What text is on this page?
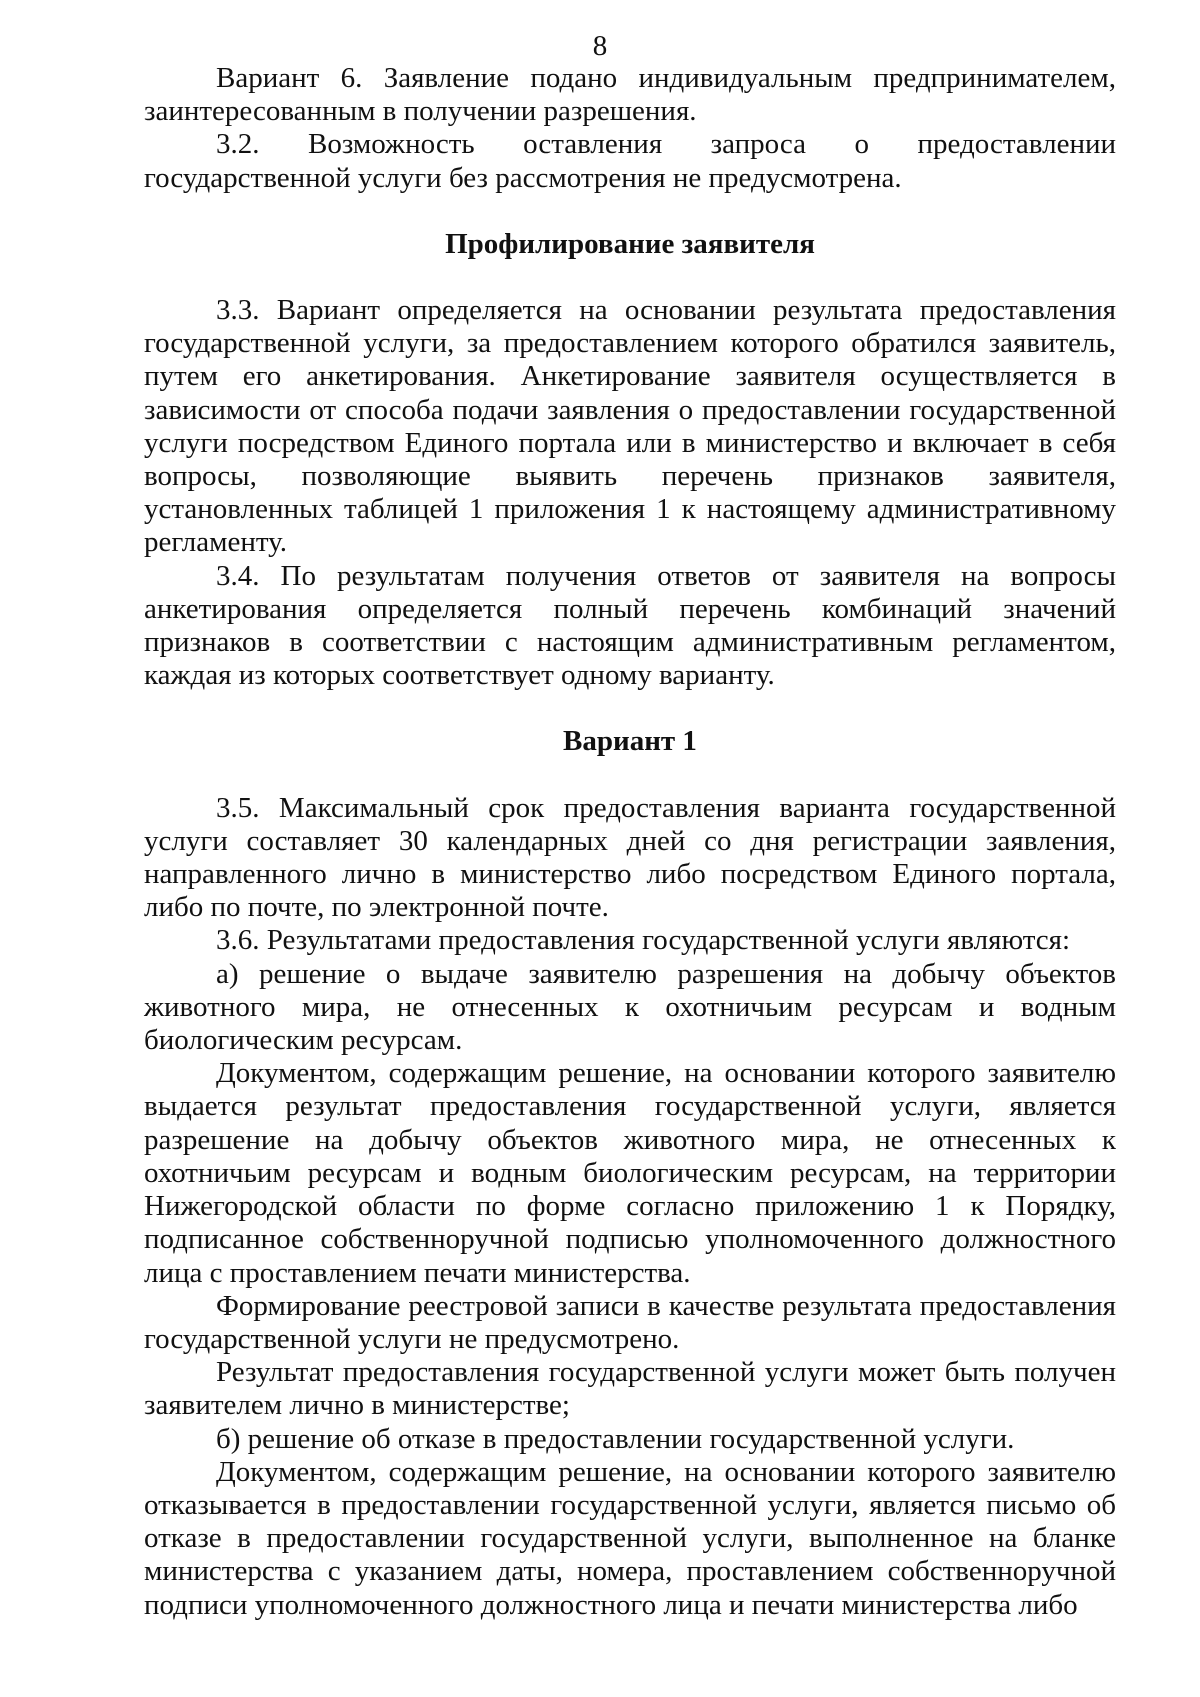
8

Вариант 6. Заявление подано индивидуальным предпринимателем, заинтересованным в получении разрешения.

3.2. Возможность оставления запроса о предоставлении государственной услуги без рассмотрения не предусмотрена.

Профилирование заявителя

3.3. Вариант определяется на основании результата предоставления государственной услуги, за предоставлением которого обратился заявитель, путем его анкетирования. Анкетирование заявителя осуществляется в зависимости от способа подачи заявления о предоставлении государственной услуги посредством Единого портала или в министерство и включает в себя вопросы, позволяющие выявить перечень признаков заявителя, установленных таблицей 1 приложения 1 к настоящему административному регламенту.

3.4. По результатам получения ответов от заявителя на вопросы анкетирования определяется полный перечень комбинаций значений признаков в соответствии с настоящим административным регламентом, каждая из которых соответствует одному варианту.

Вариант 1

3.5. Максимальный срок предоставления варианта государственной услуги составляет 30 календарных дней со дня регистрации заявления, направленного лично в министерство либо посредством Единого портала, либо по почте, по электронной почте.

3.6. Результатами предоставления государственной услуги являются:

а) решение о выдаче заявителю разрешения на добычу объектов животного мира, не отнесенных к охотничьим ресурсам и водным биологическим ресурсам.

Документом, содержащим решение, на основании которого заявителю выдается результат предоставления государственной услуги, является разрешение на добычу объектов животного мира, не отнесенных к охотничьим ресурсам и водным биологическим ресурсам, на территории Нижегородской области по форме согласно приложению 1 к Порядку, подписанное собственноручной подписью уполномоченного должностного лица с проставлением печати министерства.

Формирование реестровой записи в качестве результата предоставления государственной услуги не предусмотрено.

Результат предоставления государственной услуги может быть получен заявителем лично в министерстве;

б) решение об отказе в предоставлении государственной услуги.

Документом, содержащим решение, на основании которого заявителю отказывается в предоставлении государственной услуги, является письмо об отказе в предоставлении государственной услуги, выполненное на бланке министерства с указанием даты, номера, проставлением собственноручной подписи уполномоченного должностного лица и печати министерства либо
